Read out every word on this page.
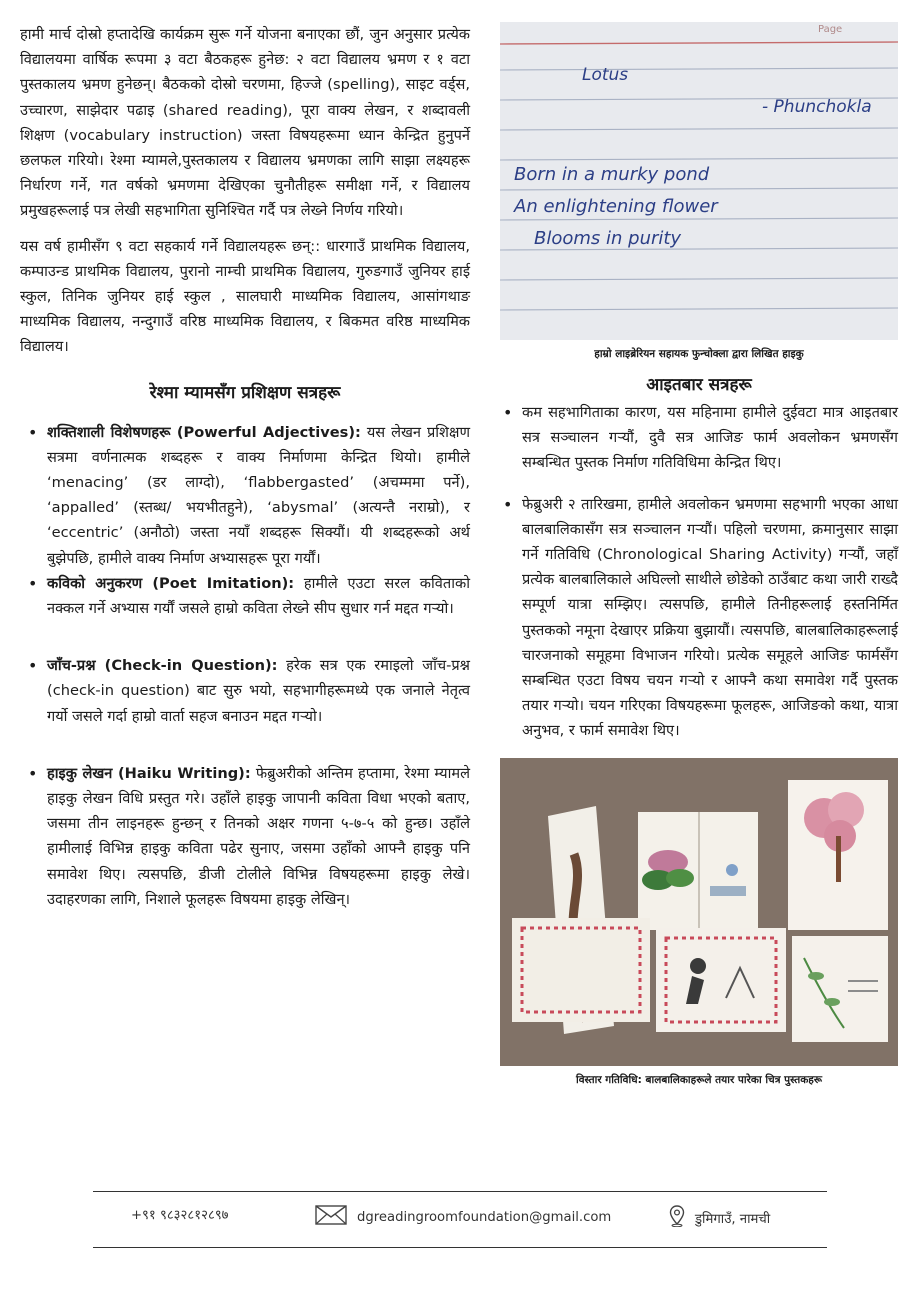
हामी मार्च दोस्रो हप्तादेखि कार्यक्रम सुरू गर्ने योजना बनाएका छौं, जुन अनुसार प्रत्येक विद्यालयमा वार्षिक रूपमा ३ वटा बैठकहरू हुनेछ: २ वटा विद्यालय भ्रमण र १ वटा पुस्तकालय भ्रमण हुनेछन्। बैठकको दोस्रो चरणमा, हिज्जे (spelling), साइट वर्ड्स, उच्चारण, साझेदार पढाइ (shared reading), पूरा वाक्य लेखन, र शब्दावली शिक्षण (vocabulary instruction) जस्ता विषयहरूमा ध्यान केन्द्रित हुनुपर्ने छलफल गरियो। रेश्मा म्यामले,पुस्तकालय र विद्यालय भ्रमणका लागि साझा लक्ष्यहरू निर्धारण गर्ने, गत वर्षको भ्रमणमा देखिएका चुनौतीहरू समीक्षा गर्ने, र विद्यालय प्रमुखहरूलाई पत्र लेखी सहभागिता सुनिश्चित गर्दै पत्र लेख्ने निर्णय गरियो।

यस वर्ष हामीसँग ९ वटा सहकार्य गर्ने विद्यालयहरू छन्:: धारगाउँ प्राथमिक विद्यालय, कम्पाउन्ड प्राथमिक विद्यालय, पुरानो नाम्ची प्राथमिक विद्यालय, गुरुङगाउँ जुनियर हाई स्कुल, तिनिक जुनियर हाई स्कुल , सालघारी माध्यमिक विद्यालय, आसांगथाङ माध्यमिक विद्यालय, नन्दुगाउँ वरिष्ठ माध्यमिक विद्यालय, र बिकमत वरिष्ठ माध्यमिक विद्यालय।

रेश्मा म्यामसँग प्रशिक्षण सत्रहरू
• शक्तिशाली विशेषणहरू (Powerful Adjectives): यस लेखन प्रशिक्षण सत्रमा वर्णनात्मक शब्दहरू र वाक्य निर्माणमा केन्द्रित थियो। हामीले ‘menacing’ (डर लाग्दो), ‘flabbergasted’ (अचम्ममा पर्ने), ‘appalled’ (स्तब्ध/ भयभीतहुने), ‘abysmal’ (अत्यन्तै नराम्रो), र ‘eccentric’ (अनौठो) जस्ता नयाँ शब्दहरू सिक्यौं। यी शब्दहरूको अर्थ बुझेपछि, हामीले वाक्य निर्माण अभ्यासहरू पूरा गर्यौं।
• कविको अनुकरण (Poet Imitation): हामीले एउटा सरल कविताको नक्कल गर्ने अभ्यास गर्यौं जसले हाम्रो कविता लेख्ने सीप सुधार गर्न मद्दत गर्‍यो।
• जाँच-प्रश्न (Check-in Question): हरेक सत्र एक रमाइलो जाँच-प्रश्न (check-in question) बाट सुरु भयो, सहभागीहरूमध्ये एक जनाले नेतृत्व गर्यो जसले गर्दा हाम्रो वार्ता सहज बनाउन मद्दत गर्‍यो।
• हाइकु लेखन (Haiku Writing): फेब्रुअरीको अन्तिम हप्तामा, रेश्मा म्यामले हाइकु लेखन विधि प्रस्तुत गरे। उहाँले हाइकु जापानी कविता विधा भएको बताए, जसमा तीन लाइनहरू हुन्छन् र तिनको अक्षर गणना ५-७-५ को हुन्छ। उहाँले हामीलाई विभिन्न हाइकु कविता पढेर सुनाए, जसमा उहाँको आफ्नै हाइकु पनि समावेश थिए। त्यसपछि, डीजी टोलीले विभिन्न विषयहरूमा हाइकु लेखे। उदाहरणका लागि, निशाले फूलहरू विषयमा हाइकु लेखिन्।
Page
Lotus
- Phunchokla
Born in a murky pond
An enlightening flower
Blooms in purity

हाम्रो लाइब्रेरियन सहायक फुन्चोक्ला द्वारा लिखित हाइकु

आइतबार सत्रहरू
• कम सहभागिताका कारण, यस महिनामा हामीले दुईवटा मात्र आइतबार सत्र सञ्चालन गर्‍यौं, दुवै सत्र आजिङ फार्म अवलोकन भ्रमणसँग सम्बन्धित पुस्तक निर्माण गतिविधिमा केन्द्रित थिए।
• फेब्रुअरी २ तारिखमा, हामीले अवलोकन भ्रमणमा सहभागी भएका आधा बालबालिकासँग सत्र सञ्चालन गर्‍यौं। पहिलो चरणमा, क्रमानुसार साझा गर्ने गतिविधि (Chronological Sharing Activity) गर्‍यौं, जहाँ प्रत्येक बालबालिकाले अघिल्लो साथीले छोडेको ठाउँबाट कथा जारी राख्दै सम्पूर्ण यात्रा सम्झिए। त्यसपछि, हामीले तिनीहरूलाई हस्तनिर्मित पुस्तकको नमूना देखाएर प्रक्रिया बुझायौं। त्यसपछि, बालबालिकाहरूलाई चारजनाको समूहमा विभाजन गरियो। प्रत्येक समूहले आजिङ फार्मसँग सम्बन्धित एउटा विषय चयन गर्‍यो र आफ्नै कथा समावेश गर्दै पुस्तक तयार गर्‍यो। चयन गरिएका विषयहरूमा फूलहरू, आजिङको कथा, यात्रा अनुभव, र फार्म समावेश थिए।

विस्तार गतिविधि: बालबालिकाहरूले तयार पारेका चित्र पुस्तकहरू

+९१ ९८३२८१२८९७	dgreadingroomfoundation@gmail.com	डुमिगाउँ, नामची
